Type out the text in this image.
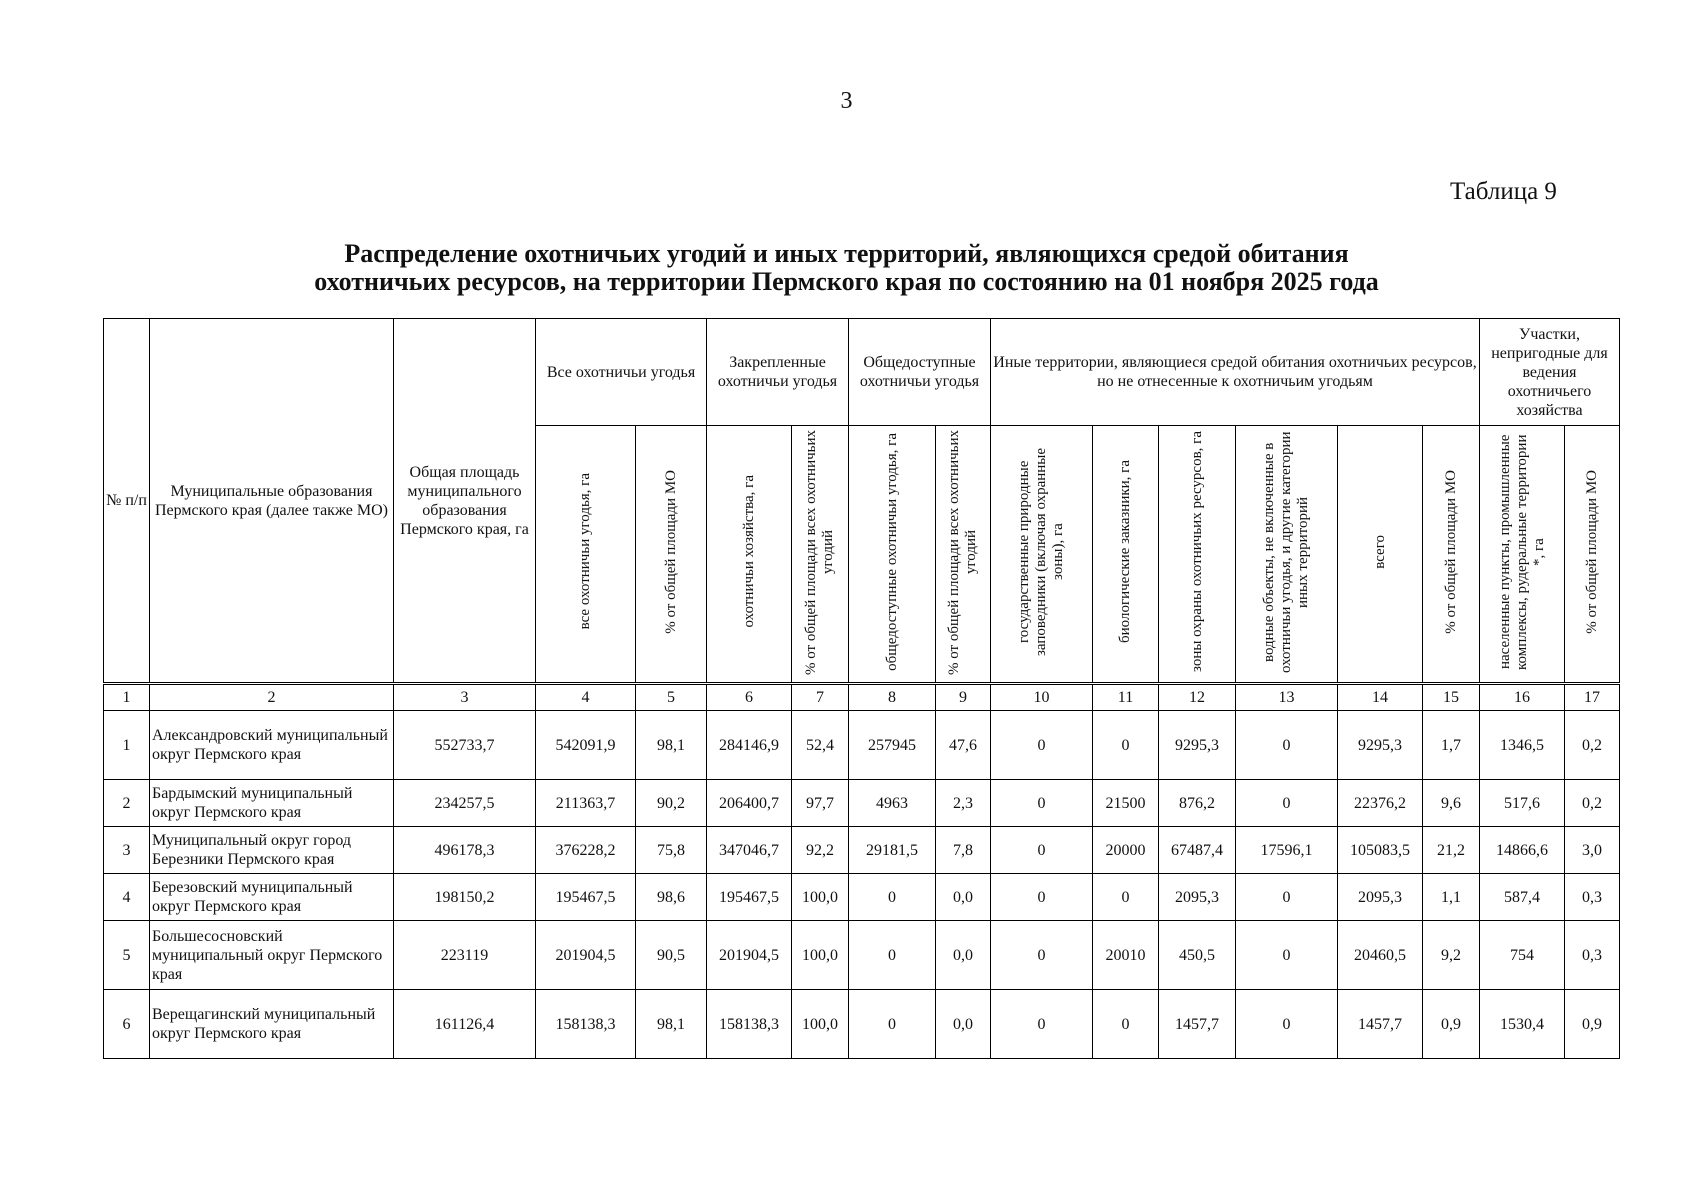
3
Таблица 9
Распределение охотничьих угодий и иных территорий, являющихся средой обитания
охотничьих ресурсов, на территории Пермского края по состоянию на 01 ноября 2025 года
№ п/п	Муниципальные образования Пермского края (далее также МО)	Общая площадь муниципального образования Пермского края, га	Все охотничьи угодья		Закрепленные охотничьи угодья		Общедоступные охотничьи угодья		Иные территории, являющиеся средой обитания охотничьих ресурсов, но не отнесенные к охотничьим угодьям						Участки, непригодные для ведения охотничьего хозяйства	
			все охотничьи угодья, га	% от общей площади МО	охотничьи хозяйства, га	% от общей площади всех охотничьих угодий	общедоступные охотничьи угодья, га	% от общей площади всех охотничьих угодий	государственные природные заповедники (включая охранные зоны), га	биологические заказники, га	зоны охраны охотничьих ресурсов, га	водные объекты, не включенные в охотничьи угодья, и другие категории иных территорий	всего	% от общей площади МО	населенные пункты, промышленные комплексы, рудеральные территории *, га	% от общей площади МО
1	2	3	4	5	6	7	8	9	10	11	12	13	14	15	16	17
1	Александровский муниципальный округ Пермского края	552733,7	542091,9	98,1	284146,9	52,4	257945	47,6	0	0	9295,3	0	9295,3	1,7	1346,5	0,2
2	Бардымский муниципальный округ Пермского края	234257,5	211363,7	90,2	206400,7	97,7	4963	2,3	0	21500	876,2	0	22376,2	9,6	517,6	0,2
3	Муниципальный округ город Березники Пермского края	496178,3	376228,2	75,8	347046,7	92,2	29181,5	7,8	0	20000	67487,4	17596,1	105083,5	21,2	14866,6	3,0
4	Березовский муниципальный округ Пермского края	198150,2	195467,5	98,6	195467,5	100,0	0	0,0	0	0	2095,3	0	2095,3	1,1	587,4	0,3
5	Большесосновский муниципальный округ Пермского края	223119	201904,5	90,5	201904,5	100,0	0	0,0	0	20010	450,5	0	20460,5	9,2	754	0,3
6	Верещагинский муниципальный округ Пермского края	161126,4	158138,3	98,1	158138,3	100,0	0	0,0	0	0	1457,7	0	1457,7	0,9	1530,4	0,9
